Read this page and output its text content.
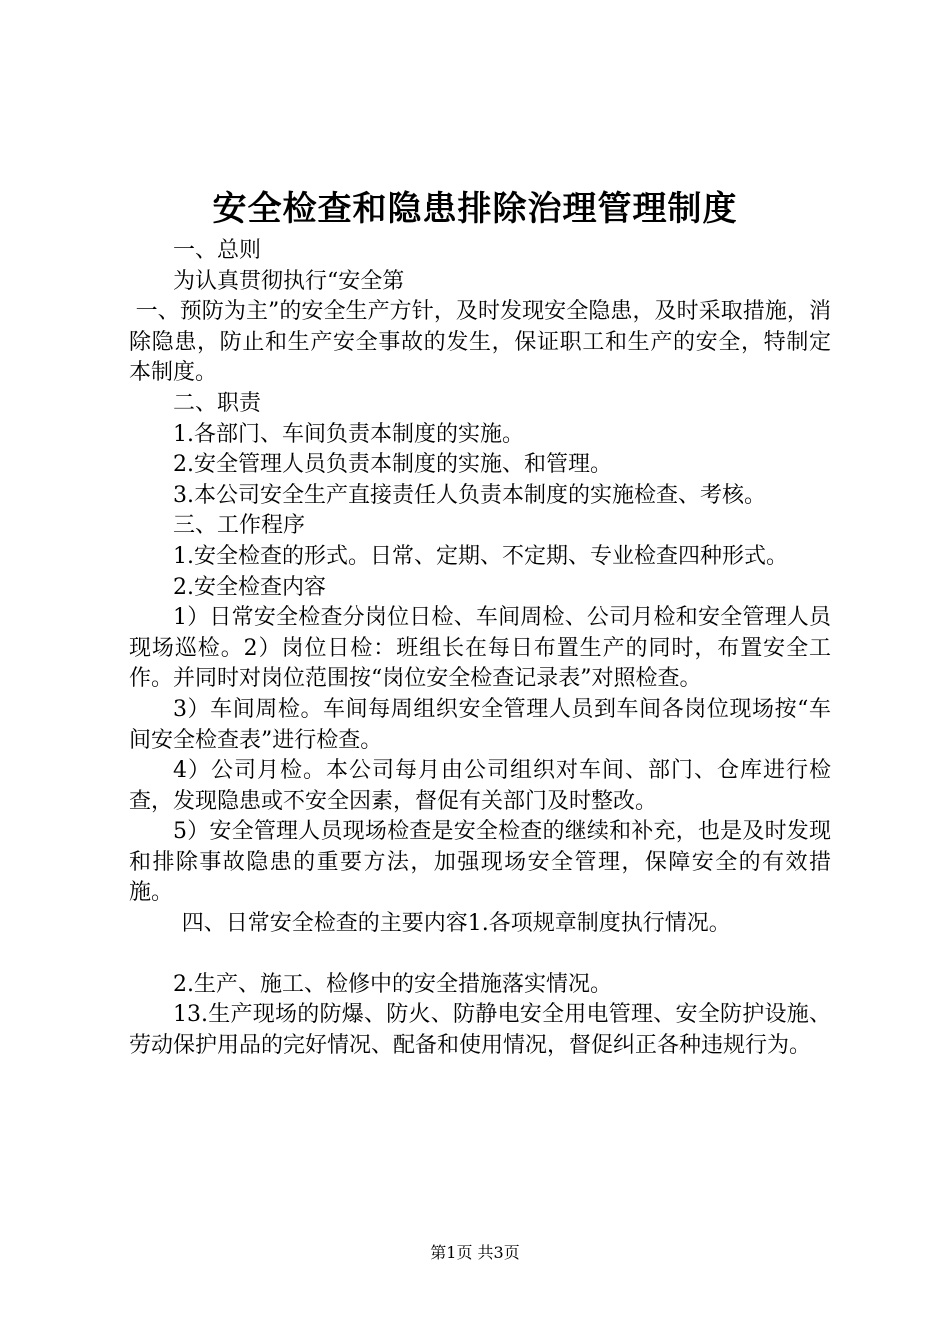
安全检查和隐患排除治理管理制度

一、总则

为认真贯彻执行“安全第

一、预防为主”的安全生产方针，及时发现安全隐患，及时采取措施，消除隐患，防止和生产安全事故的发生，保证职工和生产的安全，特制定本制度。

二、职责

1.各部门、车间负责本制度的实施。

2.安全管理人员负责本制度的实施、和管理。

3.本公司安全生产直接责任人负责本制度的实施检查、考核。

三、工作程序

1.安全检查的形式。日常、定期、不定期、专业检查四种形式。

2.安全检查内容

1）日常安全检查分岗位日检、车间周检、公司月检和安全管理人员现场巡检。2）岗位日检：班组长在每日布置生产的同时，布置安全工作。并同时对岗位范围按“岗位安全检查记录表”对照检查。

3）车间周检。车间每周组织安全管理人员到车间各岗位现场按“车间安全检查表”进行检查。

4）公司月检。本公司每月由公司组织对车间、部门、仓库进行检查，发现隐患或不安全因素，督促有关部门及时整改。

5）安全管理人员现场检查是安全检查的继续和补充，也是及时发现和排除事故隐患的重要方法，加强现场安全管理，保障安全的有效措施。

四、日常安全检查的主要内容1.各项规章制度执行情况。

2.生产、施工、检修中的安全措施落实情况。

13.生产现场的防爆、防火、防静电安全用电管理、安全防护设施、劳动保护用品的完好情况、配备和使用情况，督促纠正各种违规行为。

第1页 共3页
